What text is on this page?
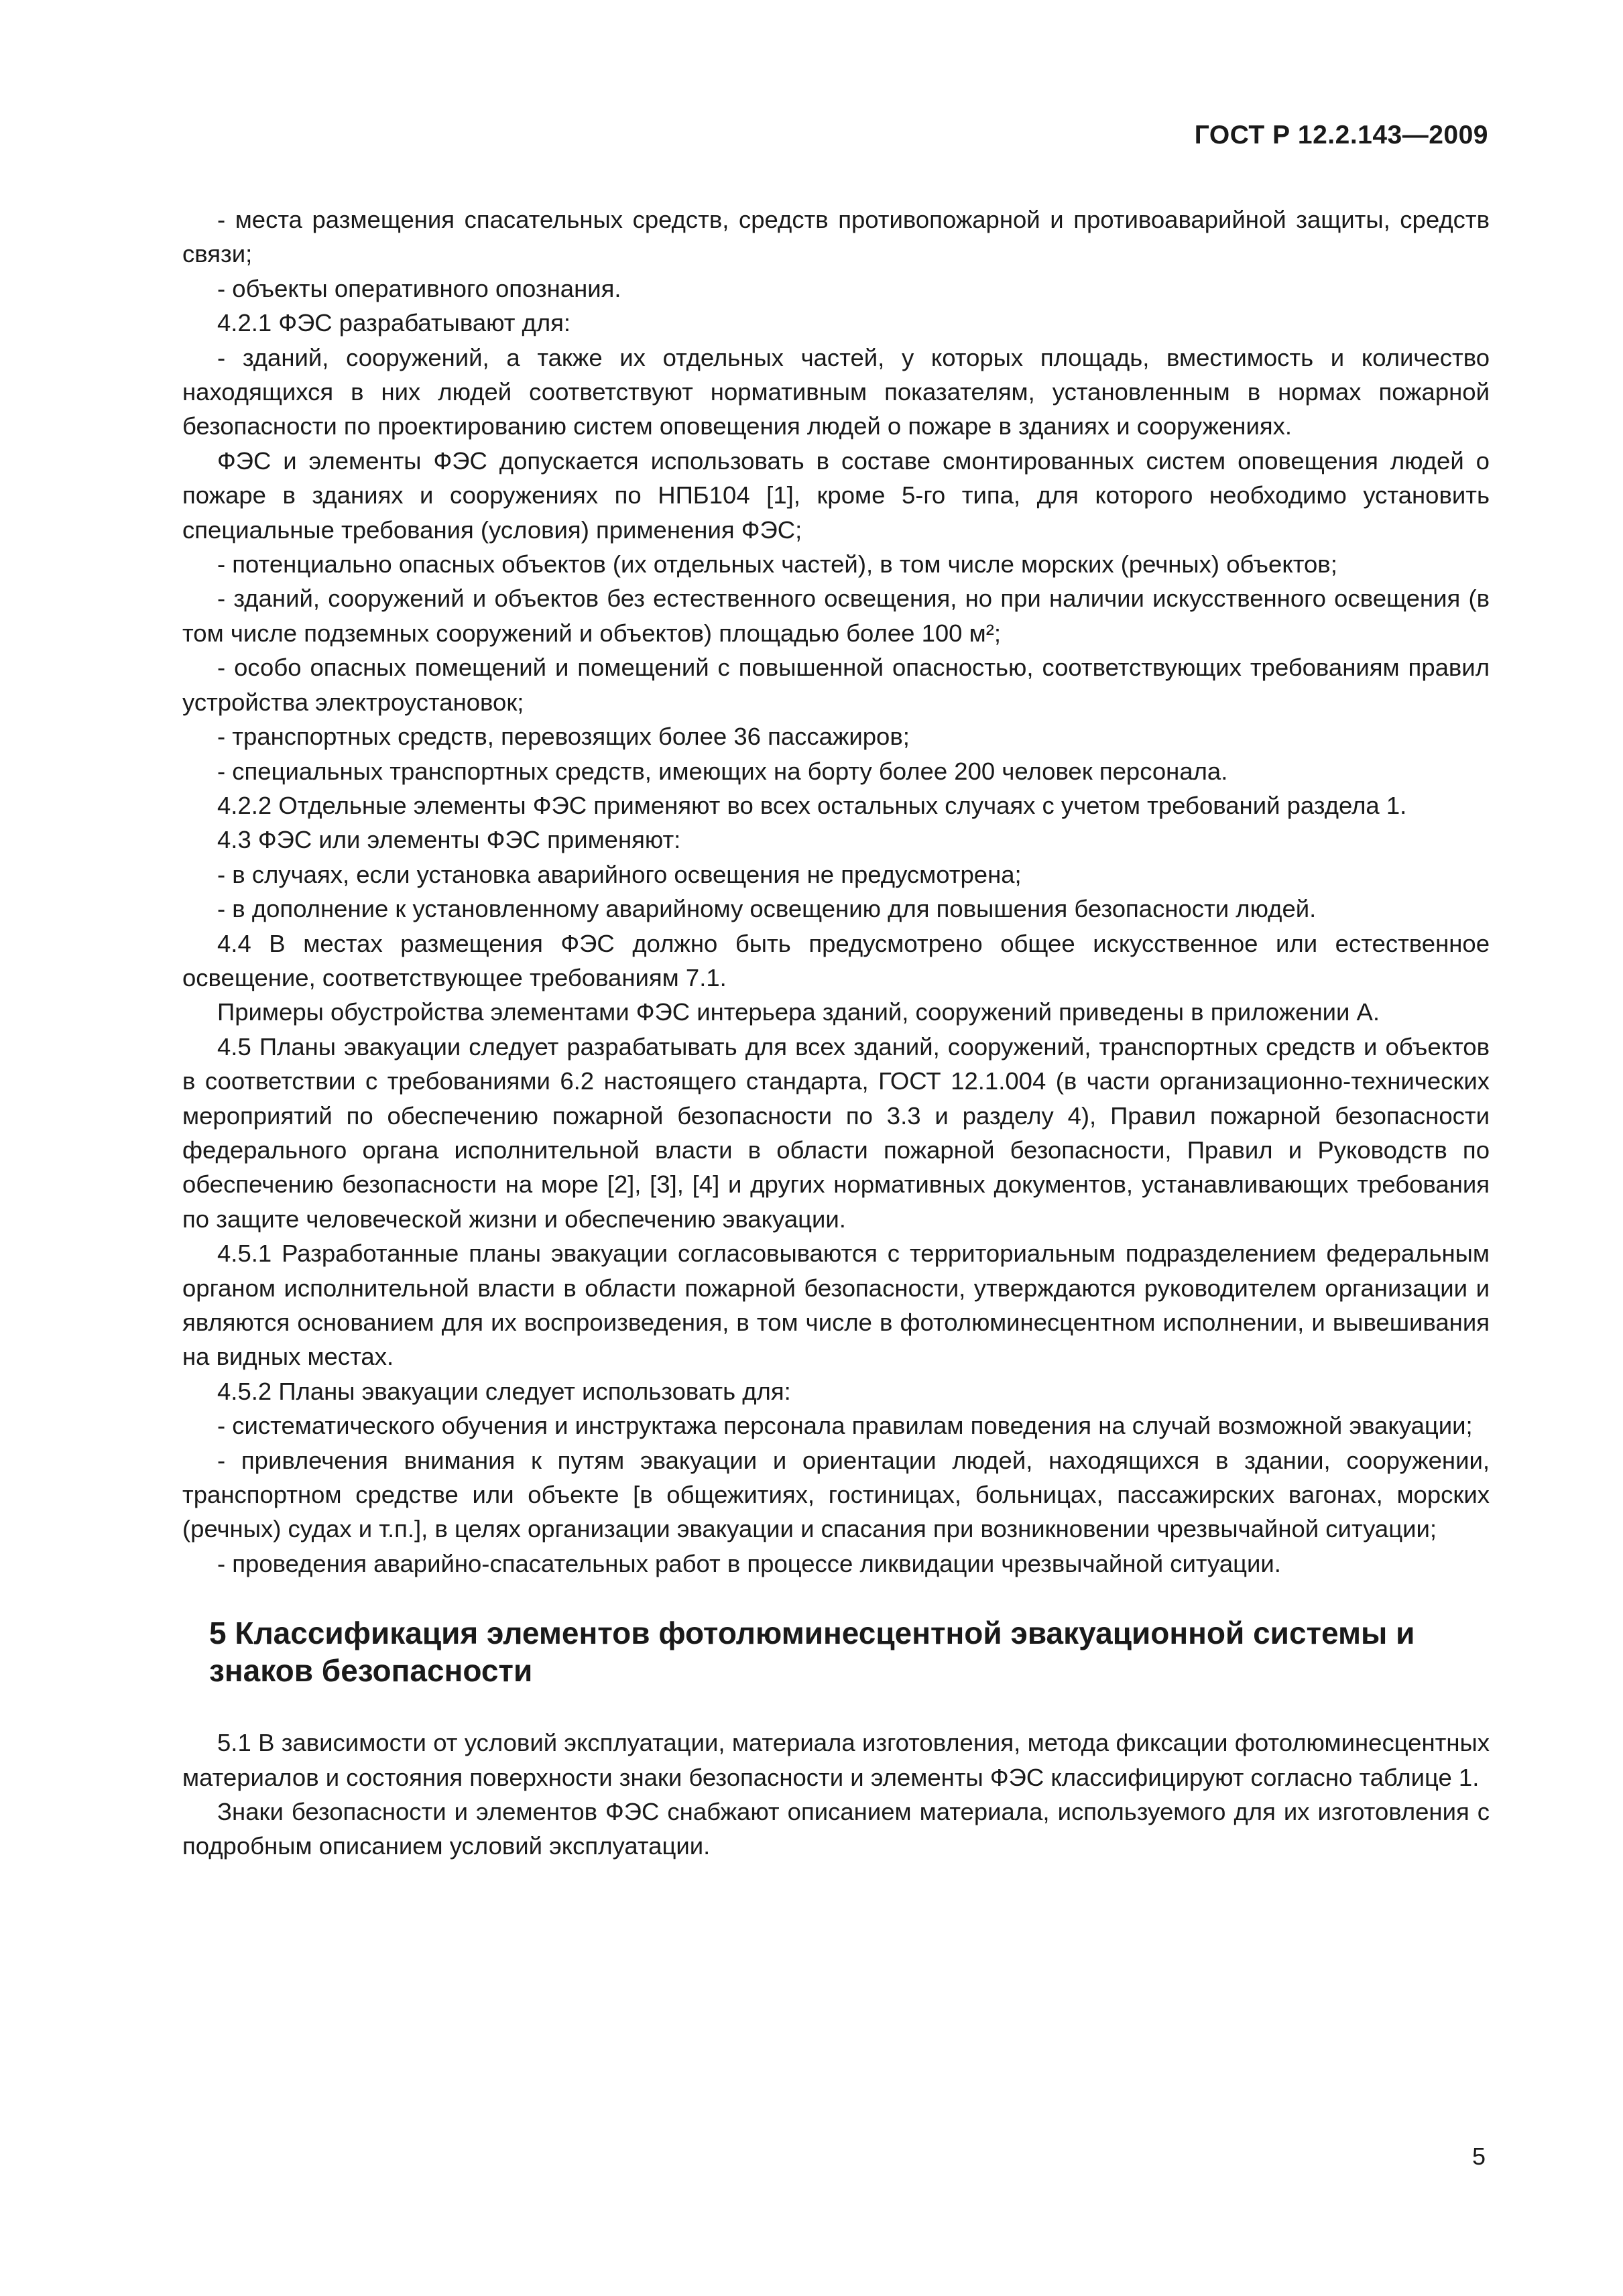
ГОСТ Р 12.2.143—2009

- места размещения спасательных средств, средств противопожарной и противоаварийной защиты, средств связи;

- объекты оперативного опознания.

4.2.1 ФЭС разрабатывают для:

- зданий, сооружений, а также их отдельных частей, у которых площадь, вместимость и количество находящихся в них людей соответствуют нормативным показателям, установленным в нормах пожарной безопасности по проектированию систем оповещения людей о пожаре в зданиях и сооружениях.

ФЭС и элементы ФЭС допускается использовать в составе смонтированных систем оповещения людей о пожаре в зданиях и сооружениях по НПБ104 [1], кроме 5-го типа, для которого необходимо установить специальные требования (условия) применения ФЭС;

- потенциально опасных объектов (их отдельных частей), в том числе морских (речных) объектов;

- зданий, сооружений и объектов без естественного освещения, но при наличии искусственного освещения (в том числе подземных сооружений и объектов) площадью более 100 м²;

- особо опасных помещений и помещений с повышенной опасностью, соответствующих требованиям правил устройства электроустановок;

- транспортных средств, перевозящих более 36 пассажиров;

- специальных транспортных средств, имеющих на борту более 200 человек персонала.

4.2.2 Отдельные элементы ФЭС применяют во всех остальных случаях с учетом требований раздела 1.

4.3 ФЭС или элементы ФЭС применяют:

- в случаях, если установка аварийного освещения не предусмотрена;

- в дополнение к установленному аварийному освещению для повышения безопасности людей.

4.4 В местах размещения ФЭС должно быть предусмотрено общее искусственное или естественное освещение, соответствующее требованиям 7.1.

Примеры обустройства элементами ФЭС интерьера зданий, сооружений приведены в приложении А.

4.5 Планы эвакуации следует разрабатывать для всех зданий, сооружений, транспортных средств и объектов в соответствии с требованиями 6.2 настоящего стандарта, ГОСТ 12.1.004 (в части организационно-технических мероприятий по обеспечению пожарной безопасности по 3.3 и разделу 4), Правил пожарной безопасности федерального органа исполнительной власти в области пожарной безопасности, Правил и Руководств по обеспечению безопасности на море [2], [3], [4] и других нормативных документов, устанавливающих требования по защите человеческой жизни и обеспечению эвакуации.

4.5.1 Разработанные планы эвакуации согласовываются с территориальным подразделением федеральным органом исполнительной власти в области пожарной безопасности, утверждаются руководителем организации и являются основанием для их воспроизведения, в том числе в фотолюминесцентном исполнении, и вывешивания на видных местах.

4.5.2 Планы эвакуации следует использовать для:

- систематического обучения и инструктажа персонала правилам поведения на случай возможной эвакуации;

- привлечения внимания к путям эвакуации и ориентации людей, находящихся в здании, сооружении, транспортном средстве или объекте [в общежитиях, гостиницах, больницах, пассажирских вагонах, морских (речных) судах и т.п.], в целях организации эвакуации и спасания при возникновении чрезвычайной ситуации;

- проведения аварийно-спасательных работ в процессе ликвидации чрезвычайной ситуации.

5 Классификация элементов фотолюминесцентной эвакуационной системы и знаков безопасности

5.1 В зависимости от условий эксплуатации, материала изготовления, метода фиксации фотолюминесцентных материалов и состояния поверхности знаки безопасности и элементы ФЭС классифицируют согласно таблице 1.

Знаки безопасности и элементов ФЭС снабжают описанием материала, используемого для их изготовления с подробным описанием условий эксплуатации.

5
